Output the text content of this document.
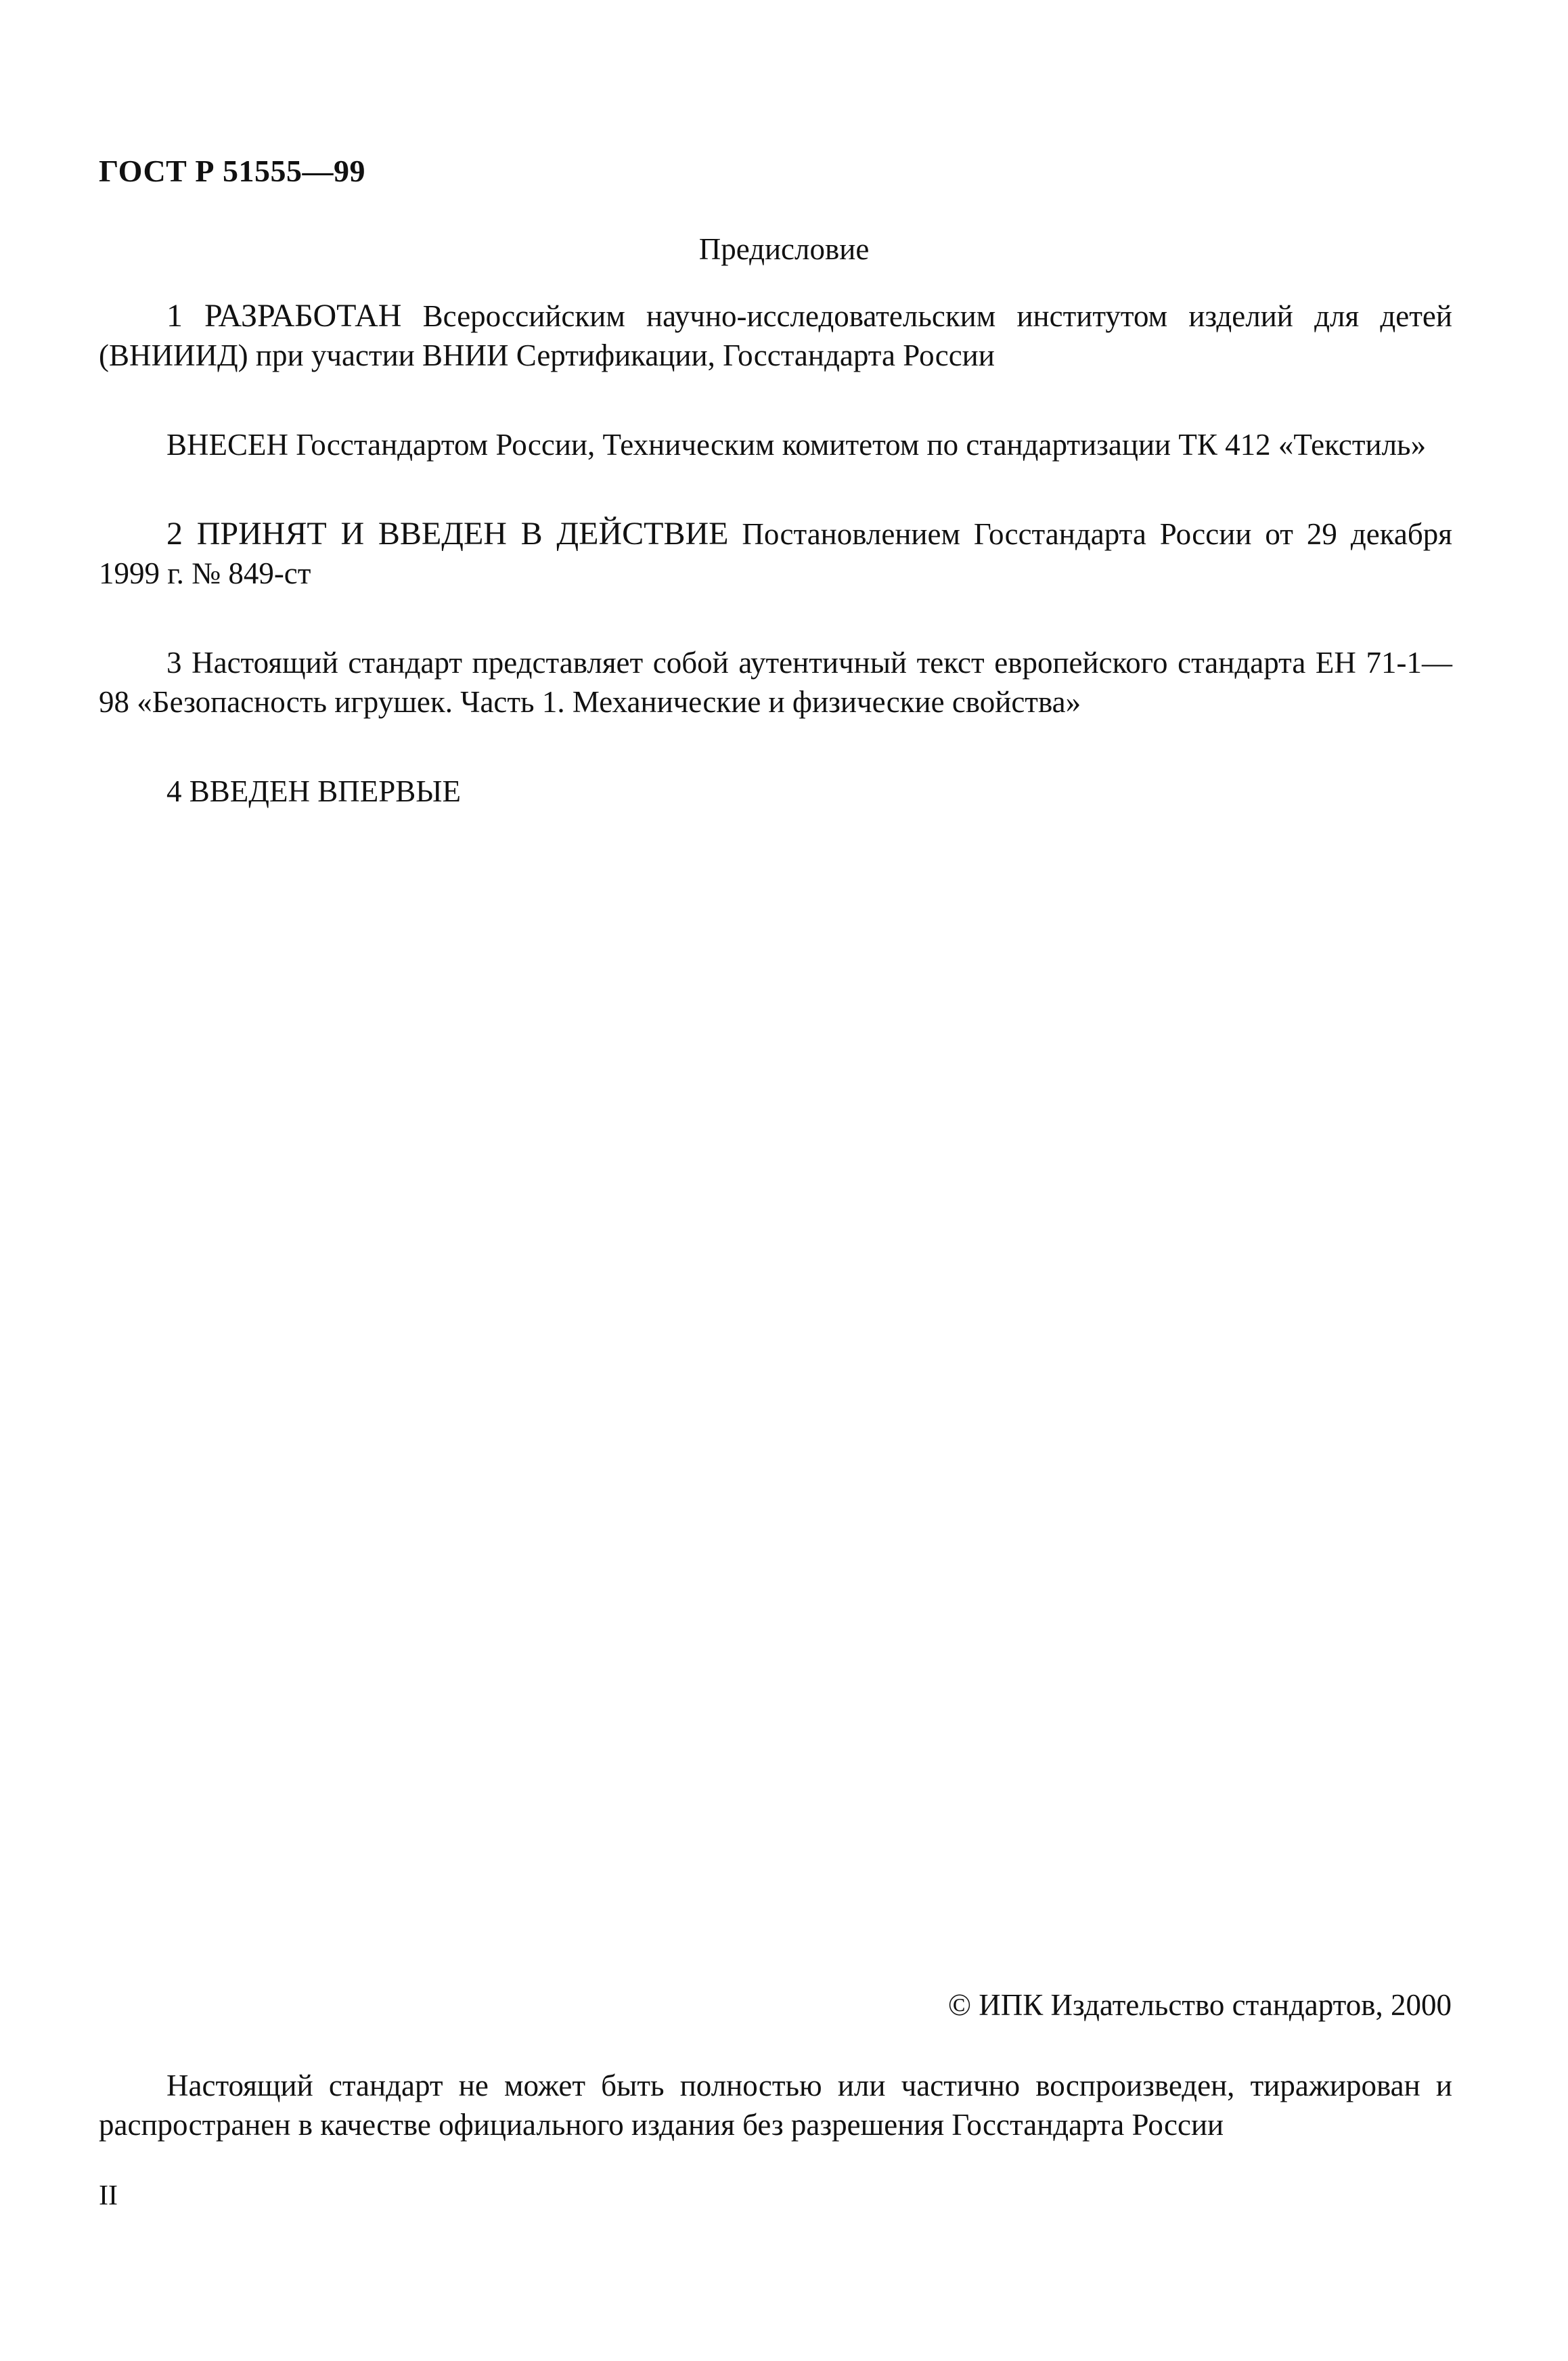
ГОСТ Р 51555—99
Предисловие

1 РАЗРАБОТАН Всероссийским научно-исследовательским институтом изделий для детей (ВНИИИД) при участии ВНИИ Сертификации, Госстандарта России

ВНЕСЕН Госстандартом России, Техническим комитетом по стандартизации ТК 412 «Текстиль»

2 ПРИНЯТ И ВВЕДЕН В ДЕЙСТВИЕ Постановлением Госстандарта России от 29 декабря 1999 г. № 849-ст

3 Настоящий стандарт представляет собой аутентичный текст европейского стандарта ЕН 71-1—98 «Безопасность игрушек. Часть 1. Механические и физические свойства»

4 ВВЕДЕН ВПЕРВЫЕ

© ИПК Издательство стандартов, 2000
Настоящий стандарт не может быть полностью или частично воспроизведен, тиражирован и распространен в качестве официального издания без разрешения Госстандарта России
II
